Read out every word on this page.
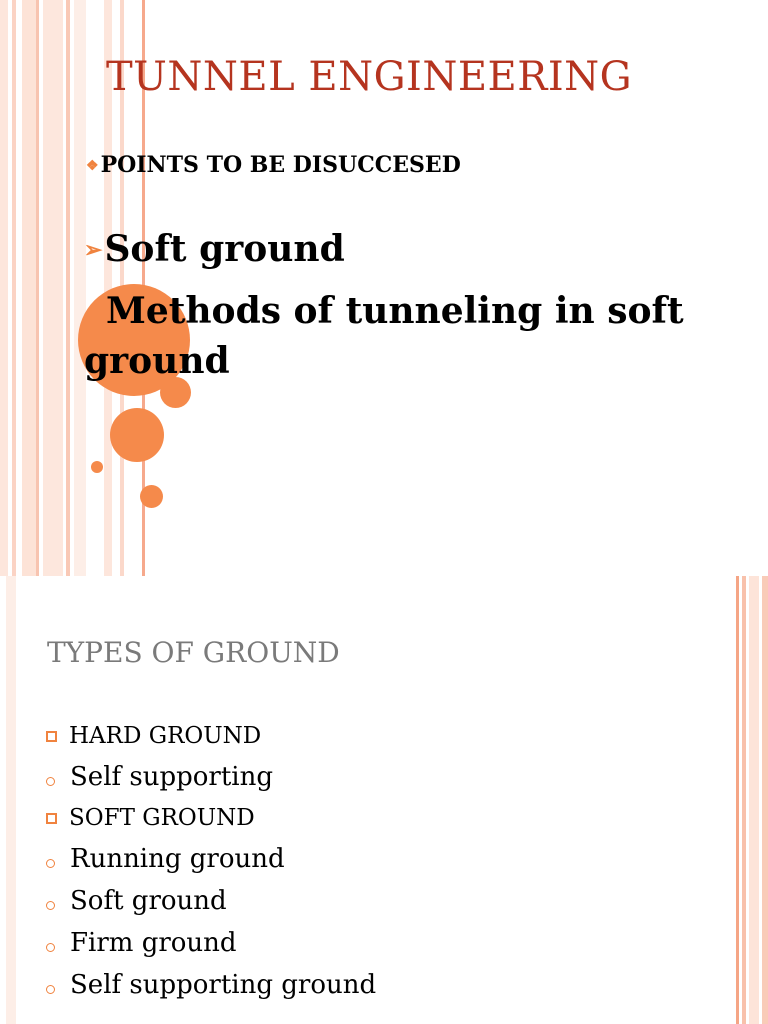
TUNNEL ENGINEERING
❖POINTS TO BE DISUCCESED
➢Soft ground
Methods of tunneling in soft ground
TYPES OF GROUND
HARD GROUND
Self supporting
SOFT GROUND
Running ground
Soft ground
Firm ground
Self supporting ground
